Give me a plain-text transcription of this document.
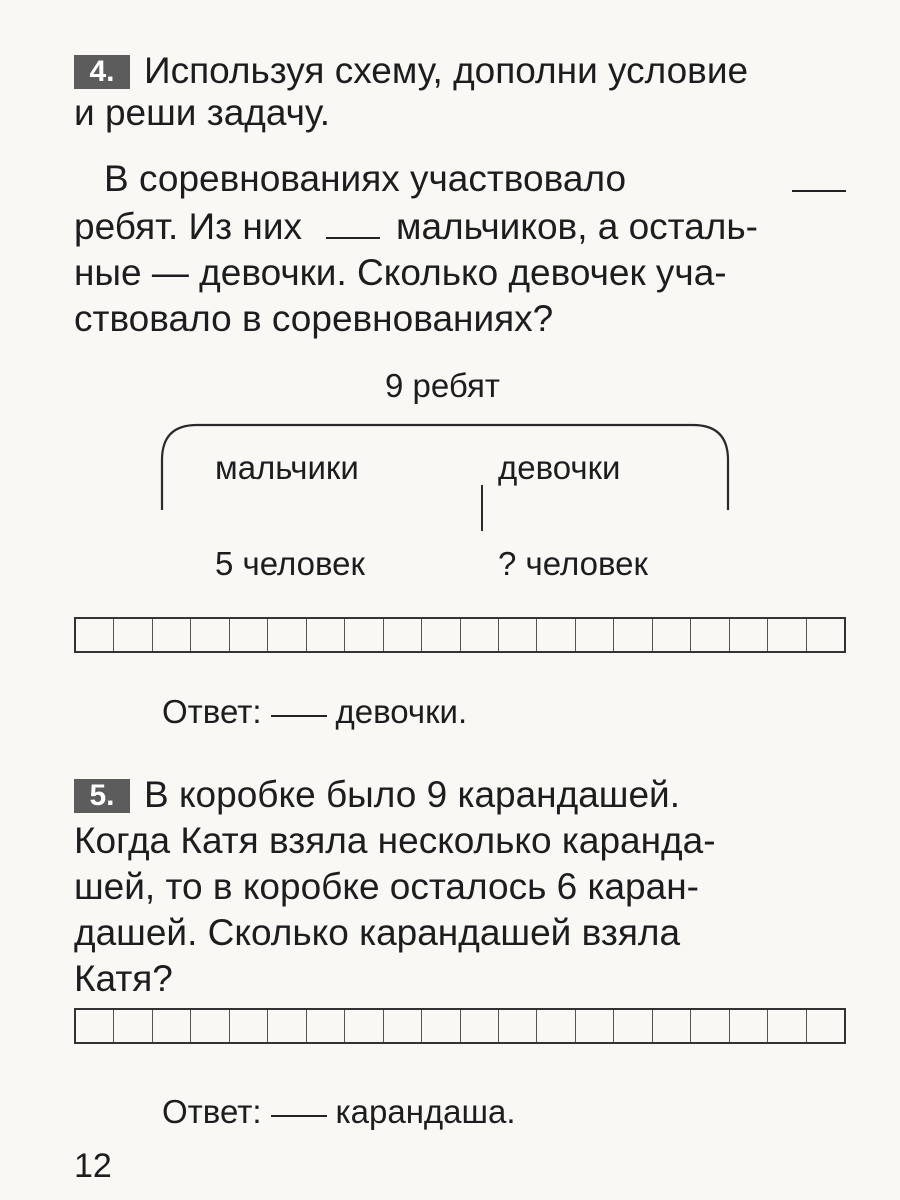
4. Используя схему, дополни условие
и реши задачу.
В соревнованиях участвовало
ребят. Из них	мальчиков, а осталь-
ные — девочки. Сколько девочек уча-
ствовало в соревнованиях?
9 ребят
мальчики	девочки
5 человек	? человек
Ответ: девочки.
5. В коробке было 9 карандашей.
Когда Катя взяла несколько каранда-
шей, то в коробке осталось 6 каран-
дашей. Сколько карандашей взяла
Катя?
Ответ: карандаша.
12
